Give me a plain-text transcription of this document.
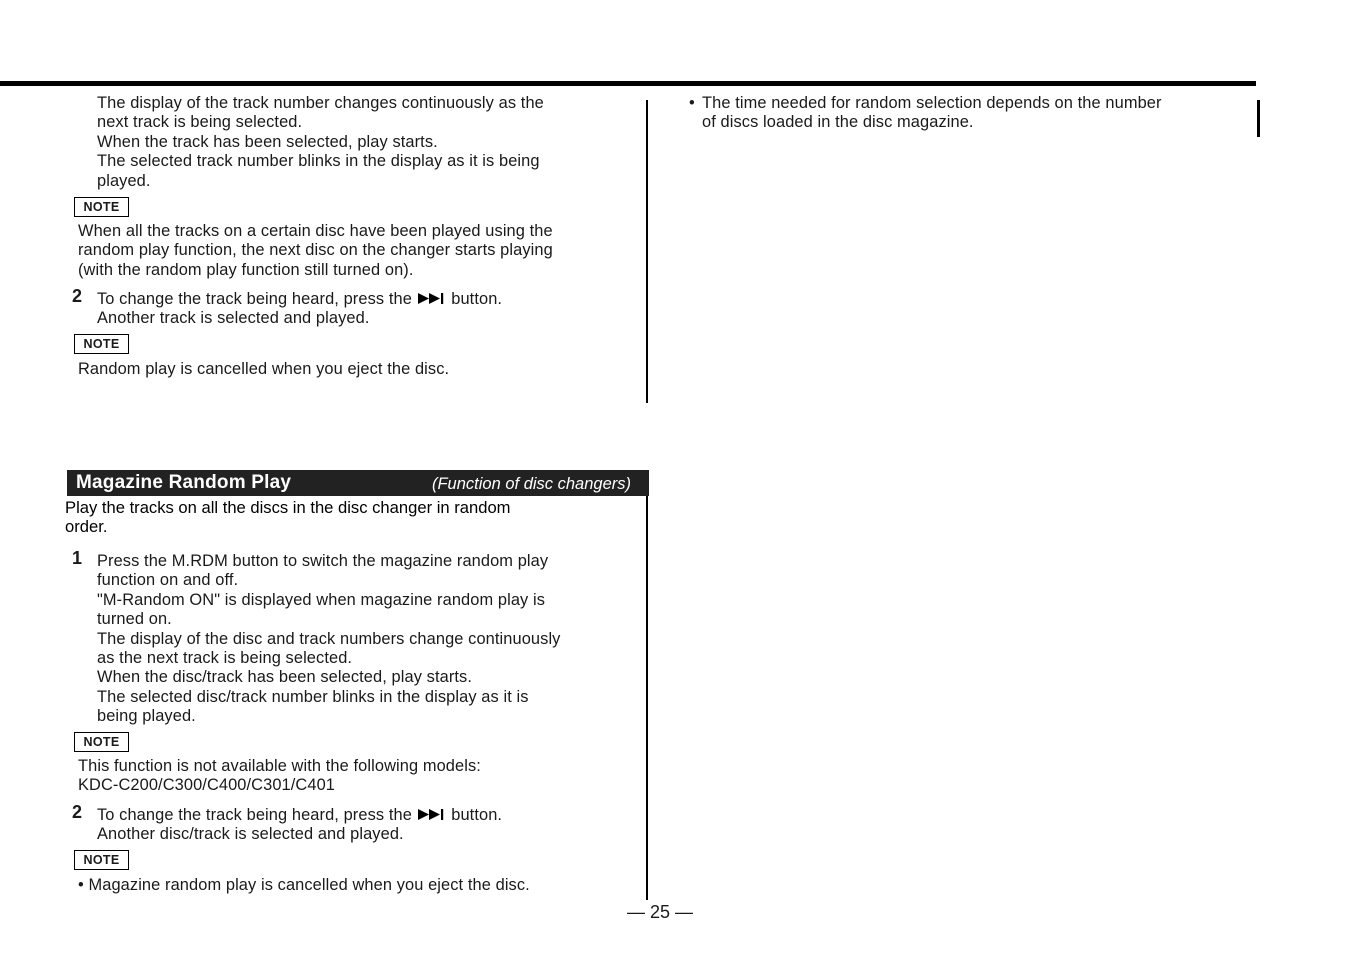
The display of the track number changes continuously as the
next track is being selected.
When the track has been selected, play starts.
The selected track number blinks in the display as it is being
played.
NOTE
When all the tracks on a certain disc have been played using the
random play function, the next disc on the changer starts playing
(with the random play function still turned on).
2 To change the track being heard, press the button.
Another track is selected and played.
NOTE
Random play is cancelled when you eject the disc.
Magazine Random Play	(Function of disc changers)
Play the tracks on all the discs in the disc changer in random
order.
1 Press the M.RDM button to switch the magazine random play
function on and off.
"M-Random ON" is displayed when magazine random play is
turned on.
The display of the disc and track numbers change continuously
as the next track is being selected.
When the disc/track has been selected, play starts.
The selected disc/track number blinks in the display as it is
being played.
NOTE
This function is not available with the following models:
KDC-C200/C300/C400/C301/C401
2 To change the track being heard, press the button.
Another disc/track is selected and played.
NOTE
• Magazine random play is cancelled when you eject the disc.
• The time needed for random selection depends on the number
of discs loaded in the disc magazine.
— 25 —
